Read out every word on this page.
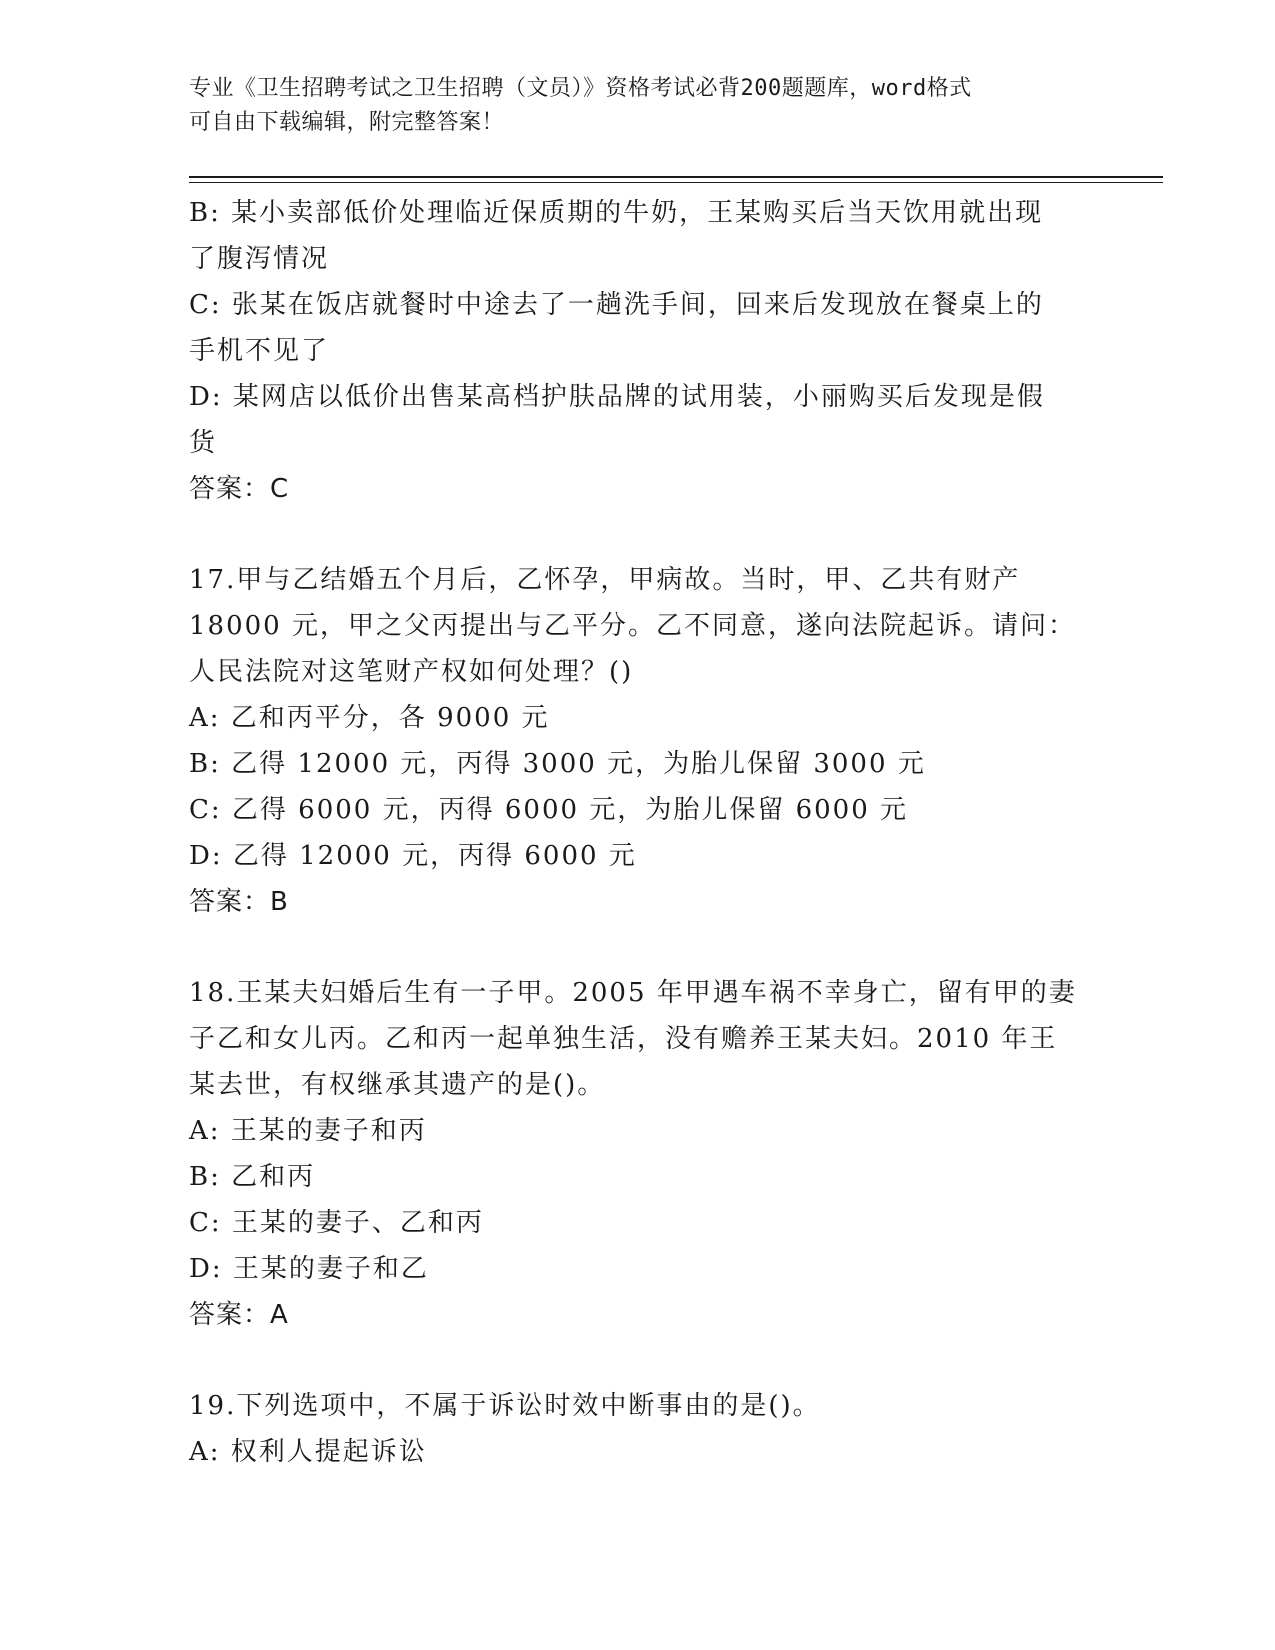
专业《卫生招聘考试之卫生招聘（文员）》资格考试必背200题题库，word格式
可自由下载编辑，附完整答案！
B: 某小卖部低价处理临近保质期的牛奶，王某购买后当天饮用就出现
了腹泻情况
C: 张某在饭店就餐时中途去了一趟洗手间，回来后发现放在餐桌上的
手机不见了
D: 某网店以低价出售某高档护肤品牌的试用装，小丽购买后发现是假
货
答案：C
17.甲与乙结婚五个月后，乙怀孕，甲病故。当时，甲、乙共有财产
18000 元，甲之父丙提出与乙平分。乙不同意，遂向法院起诉。请问：
人民法院对这笔财产权如何处理？()
A: 乙和丙平分，各 9000 元
B: 乙得 12000 元，丙得 3000 元，为胎儿保留 3000 元
C: 乙得 6000 元，丙得 6000 元，为胎儿保留 6000 元
D: 乙得 12000 元，丙得 6000 元
答案：B
18.王某夫妇婚后生有一子甲。2005 年甲遇车祸不幸身亡，留有甲的妻
子乙和女儿丙。乙和丙一起单独生活，没有赡养王某夫妇。2010 年王
某去世，有权继承其遗产的是()。
A: 王某的妻子和丙
B: 乙和丙
C: 王某的妻子、乙和丙
D: 王某的妻子和乙
答案：A
19.下列选项中，不属于诉讼时效中断事由的是()。
A: 权利人提起诉讼
